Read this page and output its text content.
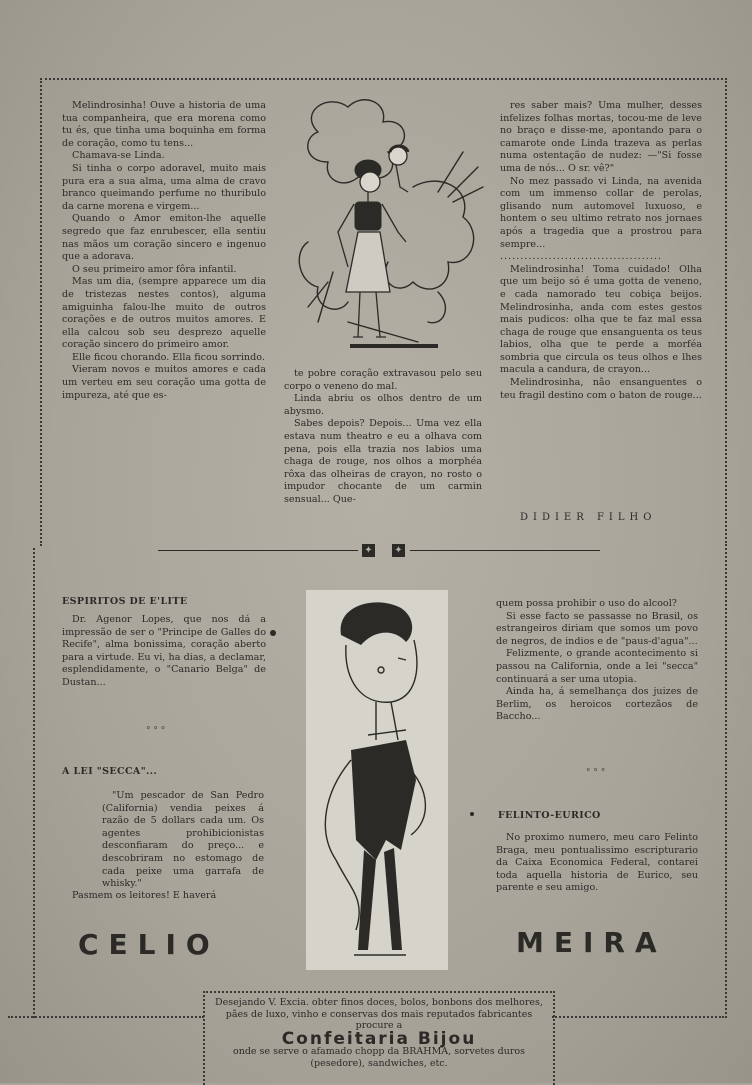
Melindrosinha! Ouve a historia de uma tua companheira, que era morena como tu és, que tinha uma boquinha em forma de coração, como tu tens...

Chamava-se Linda.

Si tinha o corpo adoravel, muito mais pura era a sua alma, uma alma de cravo branco queimando perfume no thuribulo da carne morena e virgem...

Quando o Amor emiton-lhe aquelle segredo que faz enrubescer, ella sentiu nas mãos um coração sincero e ingenuo que a adorava.

O seu primeiro amor fôra infantil.

Mas um dia, (sempre apparece um dia de tristezas nestes contos), alguma amiguinha falou-lhe muito de outros corações e de outros muitos amores. E ella calcou sob seu desprezo aquelle coração sincero do primeiro amor.

Elle ficou chorando. Ella ficou sorrindo.

Vieram novos e muitos amores e cada um verteu em seu coração uma gotta de impureza, até que es-

te pobre coração extravasou pelo seu corpo o veneno do mal.

Linda abriu os olhos dentro de um abysmo.

Sabes depois? Depois... Uma vez ella estava num theatro e eu a olhava com pena, pois ella trazia nos labios uma chaga de rouge, nos olhos a morphéa rôxa das olheiras de crayon, no rosto o impudor chocante de um carmin sensual... Que-

res saber mais? Uma mulher, desses infelizes folhas mortas, tocou-me de leve no braço e disse-me, apontando para o camarote onde Linda trazeva as perlas numa ostentação de nudez: —"Si fosse uma de nós... O sr. vê?"

No mez passado vi Linda, na avenida com um immenso collar de perolas, glisando num automovel luxuoso, e hontem o seu ultimo retrato nos jornaes após a tragedia que a prostrou para sempre...

........................................

Melindrosinha! Toma cuidado! Olha que um beijo só é uma gotta de veneno, e cada namorado teu cobiça beijos. Melindrosinha, anda com estes gestos mais pudicos: olha que te faz mal essa chaga de rouge que ensanguenta os teus labios, olha que te perde a morféa sombria que circula os teus olhos e lhes macula a candura, de crayon...

Melindrosinha, não ensanguentes o teu fragil destino com o baton de rouge...

DIDIER FILHO
✦ ✦
ESPIRITOS DE E'LITE

Dr. Agenor Lopes, que nos dá a impressão de ser o "Principe de Galles do Recife", alma bonissima, coração aberto para a virtude. Eu vi, ha dias, a declamar, esplendidamente, o "Canario Belga" de Dustan...

° ° °
A LEI "SECCA"...

"Um pescador de San Pedro (California) vendia peixes á razão de 5 dollars cada um. Os agentes prohibicionistas desconfiaram do preço... e descobriram no estomago de cada peixe uma garrafa de whisky."

Pasmem os leitores! E haverá

quem possa prohibir o uso do alcool?

Si esse facto se passasse no Brasil, os estrangeiros diriam que somos um povo de negros, de indios e de "paus-d'agua"...

Felizmente, o grande acontecimento si passou na California, onde a lei "secca" continuará a ser uma utopia.

Ainda ha, á semelhança dos juizes de Berlim, os heroicos cortezãos de Baccho...

° ° °
FELINTO-EURICO

No proximo numero, meu caro Felinto Braga, meu pontualissimo escripturario da Caixa Economica Federal, contarei toda aquella historia de Eurico, seu parente e seu amigo.

CELIO	MEIRA
Desejando V. Excia. obter finos doces, bolos, bonbons dos melhores, pães de luxo, vinho e conservas dos mais reputados fabricantes procure a
Confeitaria Bijou
onde se serve o afamado chopp da BRAHMA, sorvetes duros (pesedore), sandwiches, etc.
